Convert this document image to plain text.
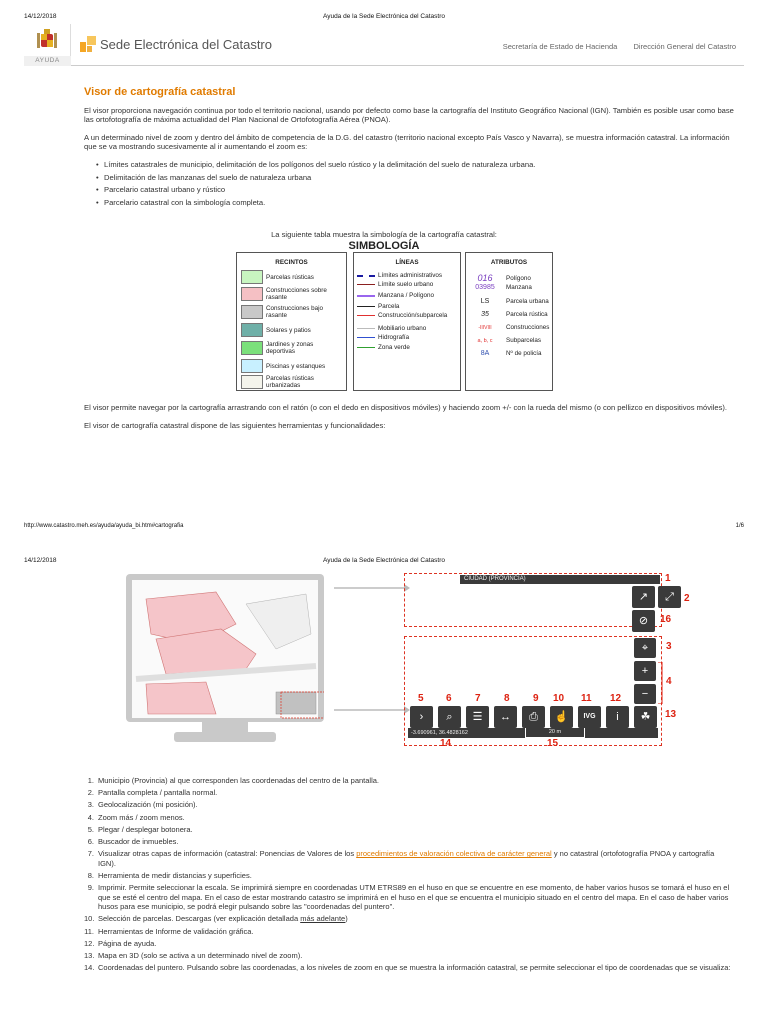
14/12/2018	Ayuda de la Sede Electrónica del Catastro
AYUDA
Sede Electrónica del Catastro	Secretaría de Estado de Hacienda Dirección General del Catastro
Visor de cartografía catastral

El visor proporciona navegación continua por todo el territorio nacional, usando por defecto como base la cartografía del Instituto Geográfico Nacional (IGN). También es posible usar como base las ortofotografía de máxima actualidad del Plan Nacional de Ortofotografía Aérea (PNOA).

A un determinado nivel de zoom y dentro del ámbito de competencia de la D.G. del catastro (territorio nacional excepto País Vasco y Navarra), se muestra información catastral. La información que se va mostrando sucesivamente al ir aumentando el zoom es:

• Límites catastrales de municipio, delimitación de los polígonos del suelo rústico y la delimitación del suelo de naturaleza urbana.
• Delimitación de las manzanas del suelo de naturaleza urbana
• Parcelario catastral urbano y rústico
• Parcelario catastral con la simbología completa.
La siguiente tabla muestra la simbología de la cartografía catastral:
SIMBOLOGÍA
RECINTOS
Parcelas rústicas
Construcciones sobre rasante
Construcciones bajo rasante
Solares y patios
Jardines y zonas deportivas
Piscinas y estanques
Parcelas rústicas urbanizadas
LÍNEAS
Límites administrativos
Límite suelo urbano
Manzana / Polígono
Parcela
Construcción/subparcela
Mobiliario urbano
Hidrografía
Zona verde
ATRIBUTOS
016	Polígono
03985	Manzana
LS	Parcela urbana
35	Parcela rústica
-IIIVIII	Construcciones
a, b, c	Subparcelas
8A	Nº de policía

El visor permite navegar por la cartografía arrastrando con el ratón (o con el dedo en dispositivos móviles) y haciendo zoom +/- con la rueda del mismo (o con pellizco en dispositivos móviles).

El visor de cartografía catastral dispone de las siguientes herramientas y funcionalidades:

http://www.catastro.meh.es/ayuda/ayuda_bi.htm#cartografia	1/6
14/12/2018	Ayuda de la Sede Electrónica del Catastro
CIUDAD (PROVINCIA)
↗	⤢
⊘
1
2
16
⌖	3
+
−
4
5 6 7 8 9 10 11 12
›	⌕	☰	↔	⎙	☝	IVG	i	☘	13
-3.690961, 36.4828162	20 m
14	15
1. Municipio (Provincia) al que corresponden las coordenadas del centro de la pantalla.
2. Pantalla completa / pantalla normal.
3. Geolocalización (mi posición).
4. Zoom más / zoom menos.
5. Plegar / desplegar botonera.
6. Buscador de inmuebles.
7. Visualizar otras capas de información (catastral: Ponencias de Valores de los procedimientos de valoración colectiva de carácter general y no catastral (ortofotografía PNOA y cartografía IGN).
8. Herramienta de medir distancias y superficies.
9. Imprimir. Permite seleccionar la escala. Se imprimirá siempre en coordenadas UTM ETRS89 en el huso en que se encuentre en ese momento, de haber varios husos se tomará el huso en el que se esté el centro del mapa. En el caso de estar mostrando catastro se imprimirá en el huso en el que se encuentra el municipio situado en el centro del mapa. En el caso de haber varios husos para ese municipio, se podrá elegir pulsando sobre las "coordenadas del puntero".
10. Selección de parcelas. Descargas (ver explicación detallada más adelante)
11. Herramientas de Informe de validación gráfica.
12. Página de ayuda.
13. Mapa en 3D (solo se activa a un determinado nivel de zoom).
14. Coordenadas del puntero. Pulsando sobre las coordenadas, a los niveles de zoom en que se muestra la información catastral, se permite seleccionar el tipo de coordenadas que se visualiza:
